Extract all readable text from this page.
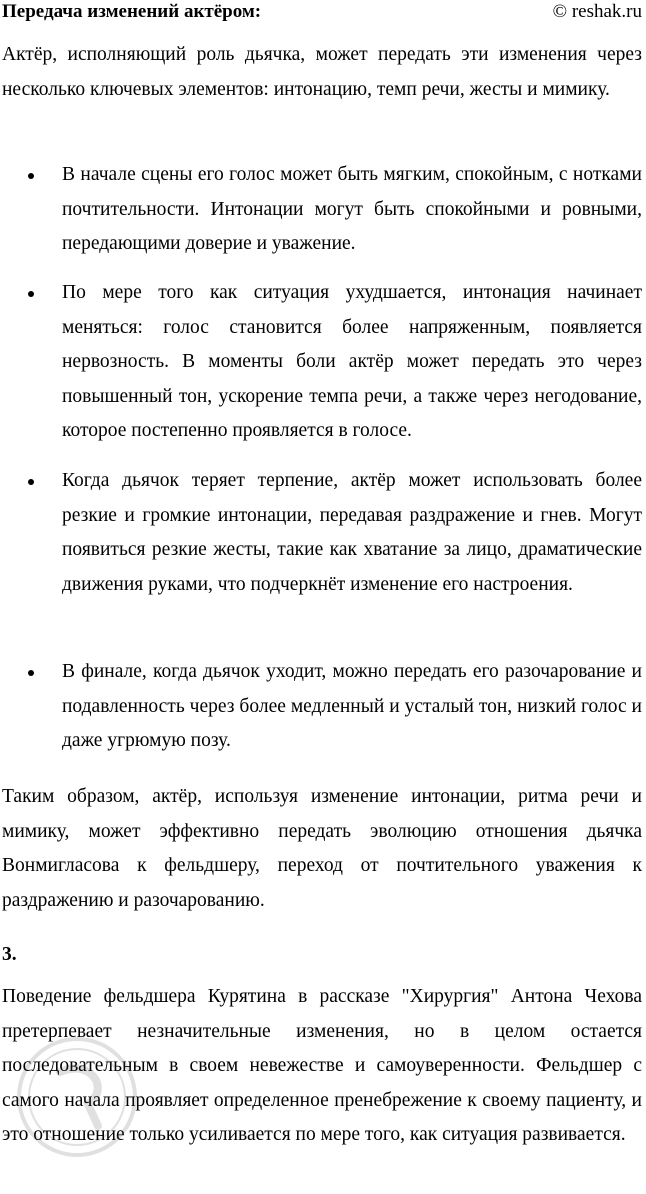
Передача изменений актёром:	© reshak.ru

Актёр, исполняющий роль дьячка, может передать эти изменения через несколько ключевых элементов: интонацию, темп речи, жесты и мимику.

В начале сцены его голос может быть мягким, спокойным, с нотками почтительности. Интонации могут быть спокойными и ровными, передающими доверие и уважение.

По мере того как ситуация ухудшается, интонация начинает меняться: голос становится более напряженным, появляется нервозность. В моменты боли актёр может передать это через повышенный тон, ускорение темпа речи, а также через негодование, которое постепенно проявляется в голосе.

Когда дьячок теряет терпение, актёр может использовать более резкие и громкие интонации, передавая раздражение и гнев. Могут появиться резкие жесты, такие как хватание за лицо, драматические движения руками, что подчеркнёт изменение его настроения.

В финале, когда дьячок уходит, можно передать его разочарование и подавленность через более медленный и усталый тон, низкий голос и даже угрюмую позу.

Таким образом, актёр, используя изменение интонации, ритма речи и мимику, может эффективно передать эволюцию отношения дьячка Вонмигласова к фельдшеру, переход от почтительного уважения к раздражению и разочарованию.

3.

Поведение фельдшера Курятина в рассказе "Хирургия" Антона Чехова претерпевает незначительные изменения, но в целом остается последовательным в своем невежестве и самоуверенности. Фельдшер с самого начала проявляет определенное пренебрежение к своему пациенту, и это отношение только усиливается по мере того, как ситуация развивается.
